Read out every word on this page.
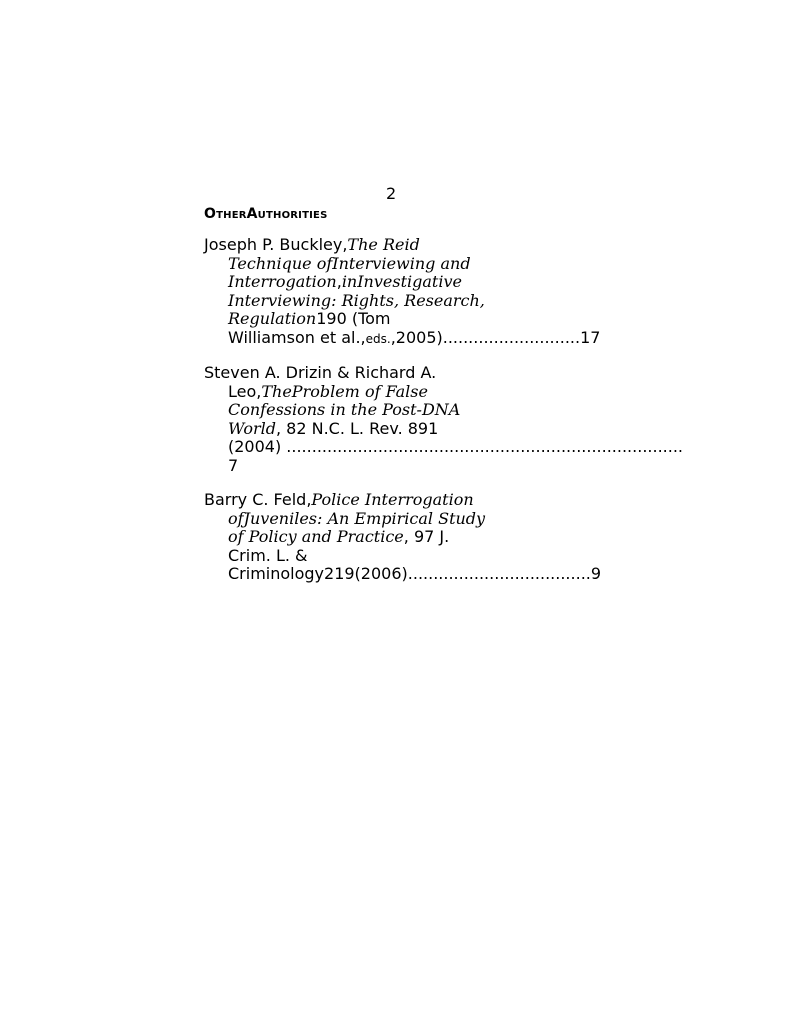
2
OtherAuthorities
Joseph P. Buckley,The Reid
Technique ofInterviewing and
Interrogation,inInvestigative
Interviewing: Rights, Research,
Regulation190 (Tom
Williamson et al.,eds.,2005)...........................17
Steven A. Drizin & Richard A.
Leo,TheProblem of False
Confessions in the Post-DNA
World, 82 N.C. L. Rev. 891
(2004) ..............................................................................
7
Barry C. Feld,Police Interrogation
ofJuveniles: An Empirical Study
of Policy and Practice, 97 J.
Crim. L. &
Criminology219(2006)....................................9
